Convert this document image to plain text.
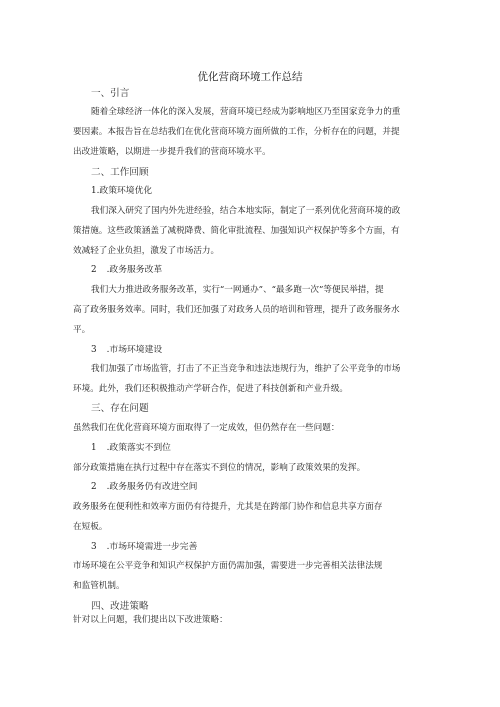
优化营商环境工作总结
一、引言
随着全球经济一体化的深入发展，营商环境已经成为影响地区乃至国家竞争力的重
要因素。本报告旨在总结我们在优化营商环境方面所做的工作，分析存在的问题，并提
出改进策略，以期进一步提升我们的营商环境水平。
二、工作回顾
1.政策环境优化
我们深入研究了国内外先进经验，结合本地实际，制定了一系列优化营商环境的政
策措施。这些政策涵盖了减税降费、简化审批流程、加强知识产权保护等多个方面，有
效减轻了企业负担，激发了市场活力。
2 .政务服务改革
我们大力推进政务服务改革，实行“一网通办”、“最多跑一次”等便民举措，提
高了政务服务效率。同时，我们还加强了对政务人员的培训和管理，提升了政务服务水
平。
3 .市场环境建设
我们加强了市场监管，打击了不正当竞争和违法违规行为，维护了公平竞争的市场
环境。此外，我们还积极推动产学研合作，促进了科技创新和产业升级。
三、存在问题
虽然我们在优化营商环境方面取得了一定成效，但仍然存在一些问题：
1 .政策落实不到位
部分政策措施在执行过程中存在落实不到位的情况，影响了政策效果的发挥。
2 .政务服务仍有改进空间
政务服务在便利性和效率方面仍有待提升，尤其是在跨部门协作和信息共享方面存
在短板。
3 .市场环境需进一步完善
市场环境在公平竞争和知识产权保护方面仍需加强，需要进一步完善相关法律法规
和监管机制。
四、改进策略
针对以上问题，我们提出以下改进策略：
